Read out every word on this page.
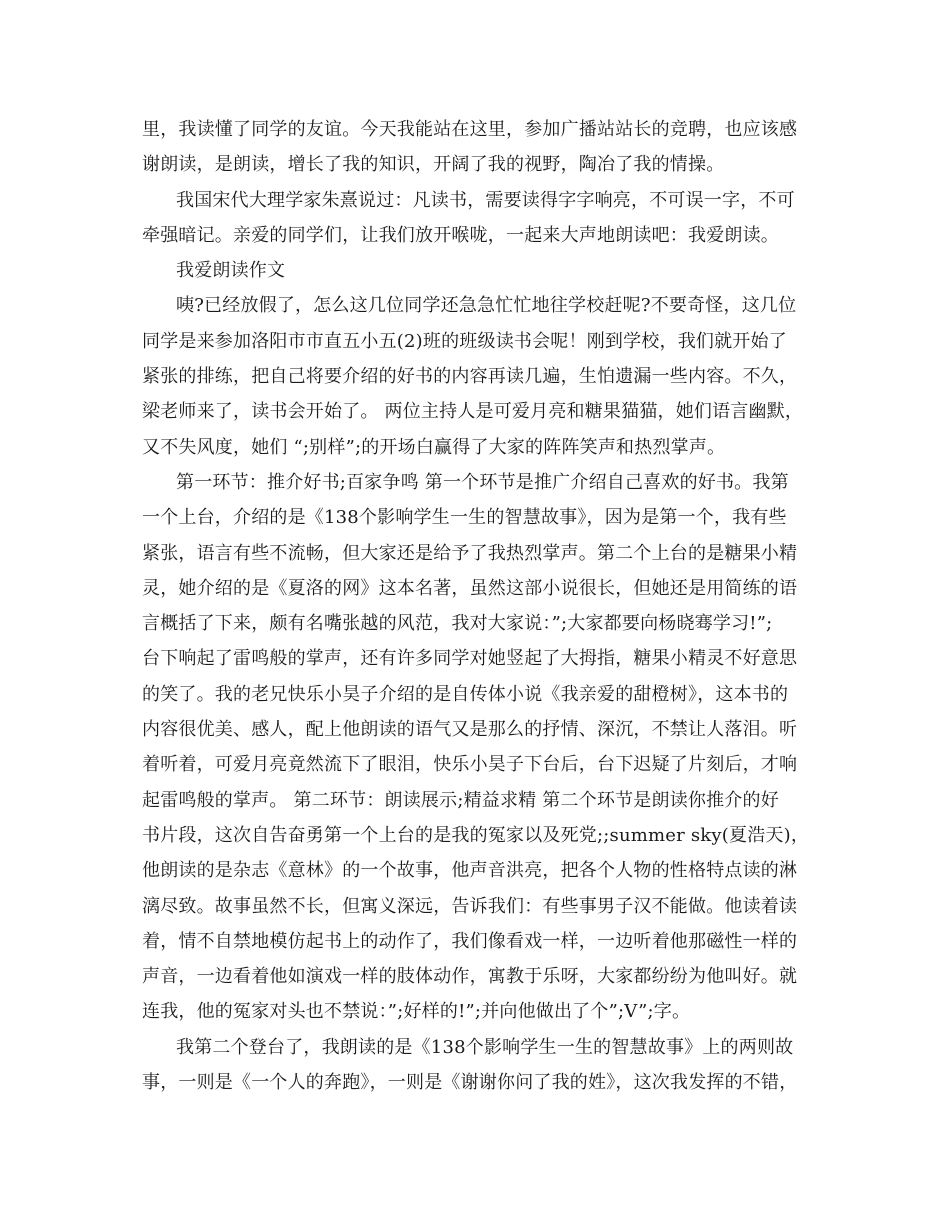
里，我读懂了同学的友谊。今天我能站在这里，参加广播站站长的竞聘，也应该感
谢朗读，是朗读，增长了我的知识，开阔了我的视野，陶冶了我的情操。
我国宋代大理学家朱熹说过：凡读书，需要读得字字响亮，不可误一字，不可
牵强暗记。亲爱的同学们，让我们放开喉咙，一起来大声地朗读吧：我爱朗读。
我爱朗读作文
咦?已经放假了，怎么这几位同学还急急忙忙地往学校赶呢?不要奇怪，这几位
同学是来参加洛阳市市直五小五(2)班的班级读书会呢！刚到学校，我们就开始了
紧张的排练，把自己将要介绍的好书的内容再读几遍，生怕遗漏一些内容。不久，
梁老师来了，读书会开始了。 两位主持人是可爱月亮和糖果猫猫，她们语言幽默，
又不失风度，她们 “;别样”;的开场白赢得了大家的阵阵笑声和热烈掌声。
第一环节：推介好书;百家争鸣 第一个环节是推广介绍自己喜欢的好书。我第
一个上台，介绍的是《138个影响学生一生的智慧故事》，因为是第一个，我有些
紧张，语言有些不流畅，但大家还是给予了我热烈掌声。第二个上台的是糖果小精
灵，她介绍的是《夏洛的网》这本名著，虽然这部小说很长，但她还是用简练的语
言概括了下来，颇有名嘴张越的风范，我对大家说：”;大家都要向杨晓骞学习!”;
台下响起了雷鸣般的掌声，还有许多同学对她竖起了大拇指，糖果小精灵不好意思
的笑了。我的老兄快乐小昊子介绍的是自传体小说《我亲爱的甜橙树》，这本书的
内容很优美、感人，配上他朗读的语气又是那么的抒情、深沉，不禁让人落泪。听
着听着，可爱月亮竟然流下了眼泪，快乐小昊子下台后，台下迟疑了片刻后，才响
起雷鸣般的掌声。 第二环节：朗读展示;精益求精 第二个环节是朗读你推介的好
书片段，这次自告奋勇第一个上台的是我的冤家以及死党;;summer sky(夏浩天)，
他朗读的是杂志《意林》的一个故事，他声音洪亮，把各个人物的性格特点读的淋
漓尽致。故事虽然不长，但寓义深远，告诉我们：有些事男子汉不能做。他读着读
着，情不自禁地模仿起书上的动作了，我们像看戏一样，一边听着他那磁性一样的
声音，一边看着他如演戏一样的肢体动作，寓教于乐呀，大家都纷纷为他叫好。就
连我，他的冤家对头也不禁说：”;好样的!”;并向他做出了个”;V”;字。
我第二个登台了，我朗读的是《138个影响学生一生的智慧故事》上的两则故
事，一则是《一个人的奔跑》，一则是《谢谢你问了我的姓》，这次我发挥的不错，
